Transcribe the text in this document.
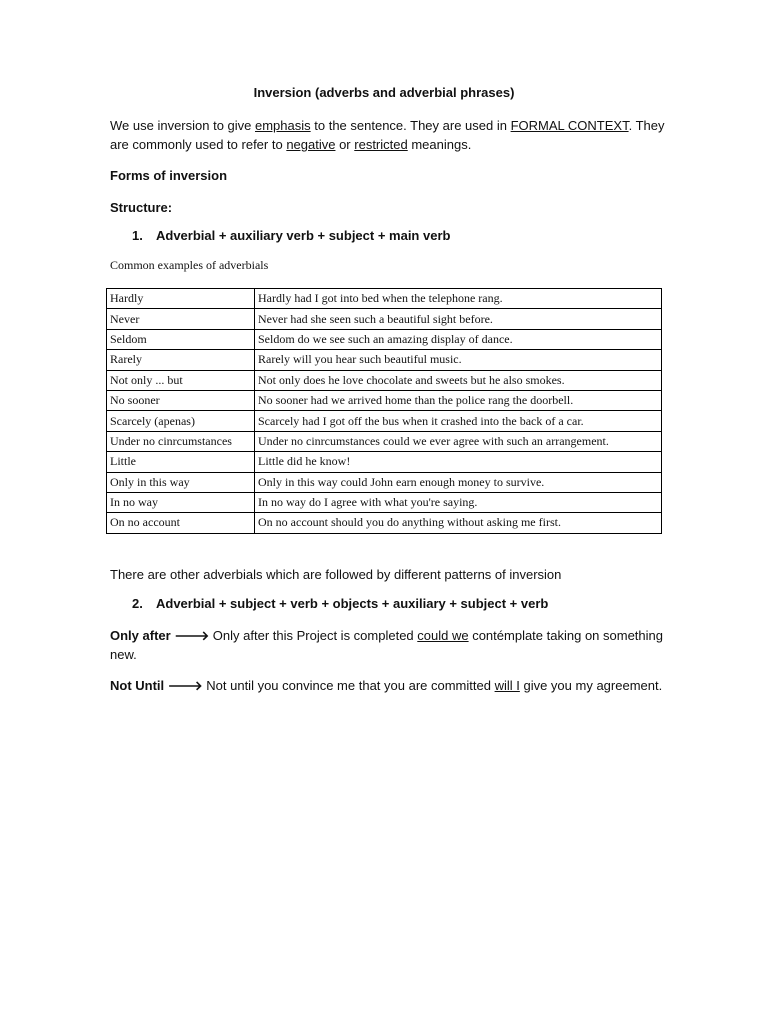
Inversion (adverbs and adverbial phrases)
We use inversion to give emphasis to the sentence. They are used in FORMAL CONTEXT. They are commonly used to refer to negative or restricted meanings.
Forms of inversion
Structure:
1. Adverbial + auxiliary verb + subject + main verb
Common examples of adverbials
Hardly	Hardly had I got into bed when the telephone rang.
Never	Never had she seen such a beautiful sight before.
Seldom	Seldom do we see such an amazing display of dance.
Rarely	Rarely will you hear such beautiful music.
Not only ... but	Not only does he love chocolate and sweets but he also smokes.
No sooner	No sooner had we arrived home than the police rang the doorbell.
Scarcely (apenas)	Scarcely had I got off the bus when it crashed into the back of a car.
Under no cinrcumstances	Under no cinrcumstances could we ever agree with such an arrangement.
Little	Little did he know!
Only in this way	Only in this way could John earn enough money to survive.
In no way	In no way do I agree with what you're saying.
On no account	On no account should you do anything without asking me first.
There are other adverbials which are followed by different patterns of inversion
2. Adverbial + subject + verb + objects + auxiliary + subject + verb
Only after 🡒 Only after this Project is completed could we contémplate taking on something new.
Not Until 🡒 Not until you convince me that you are committed will I give you my agreement.
